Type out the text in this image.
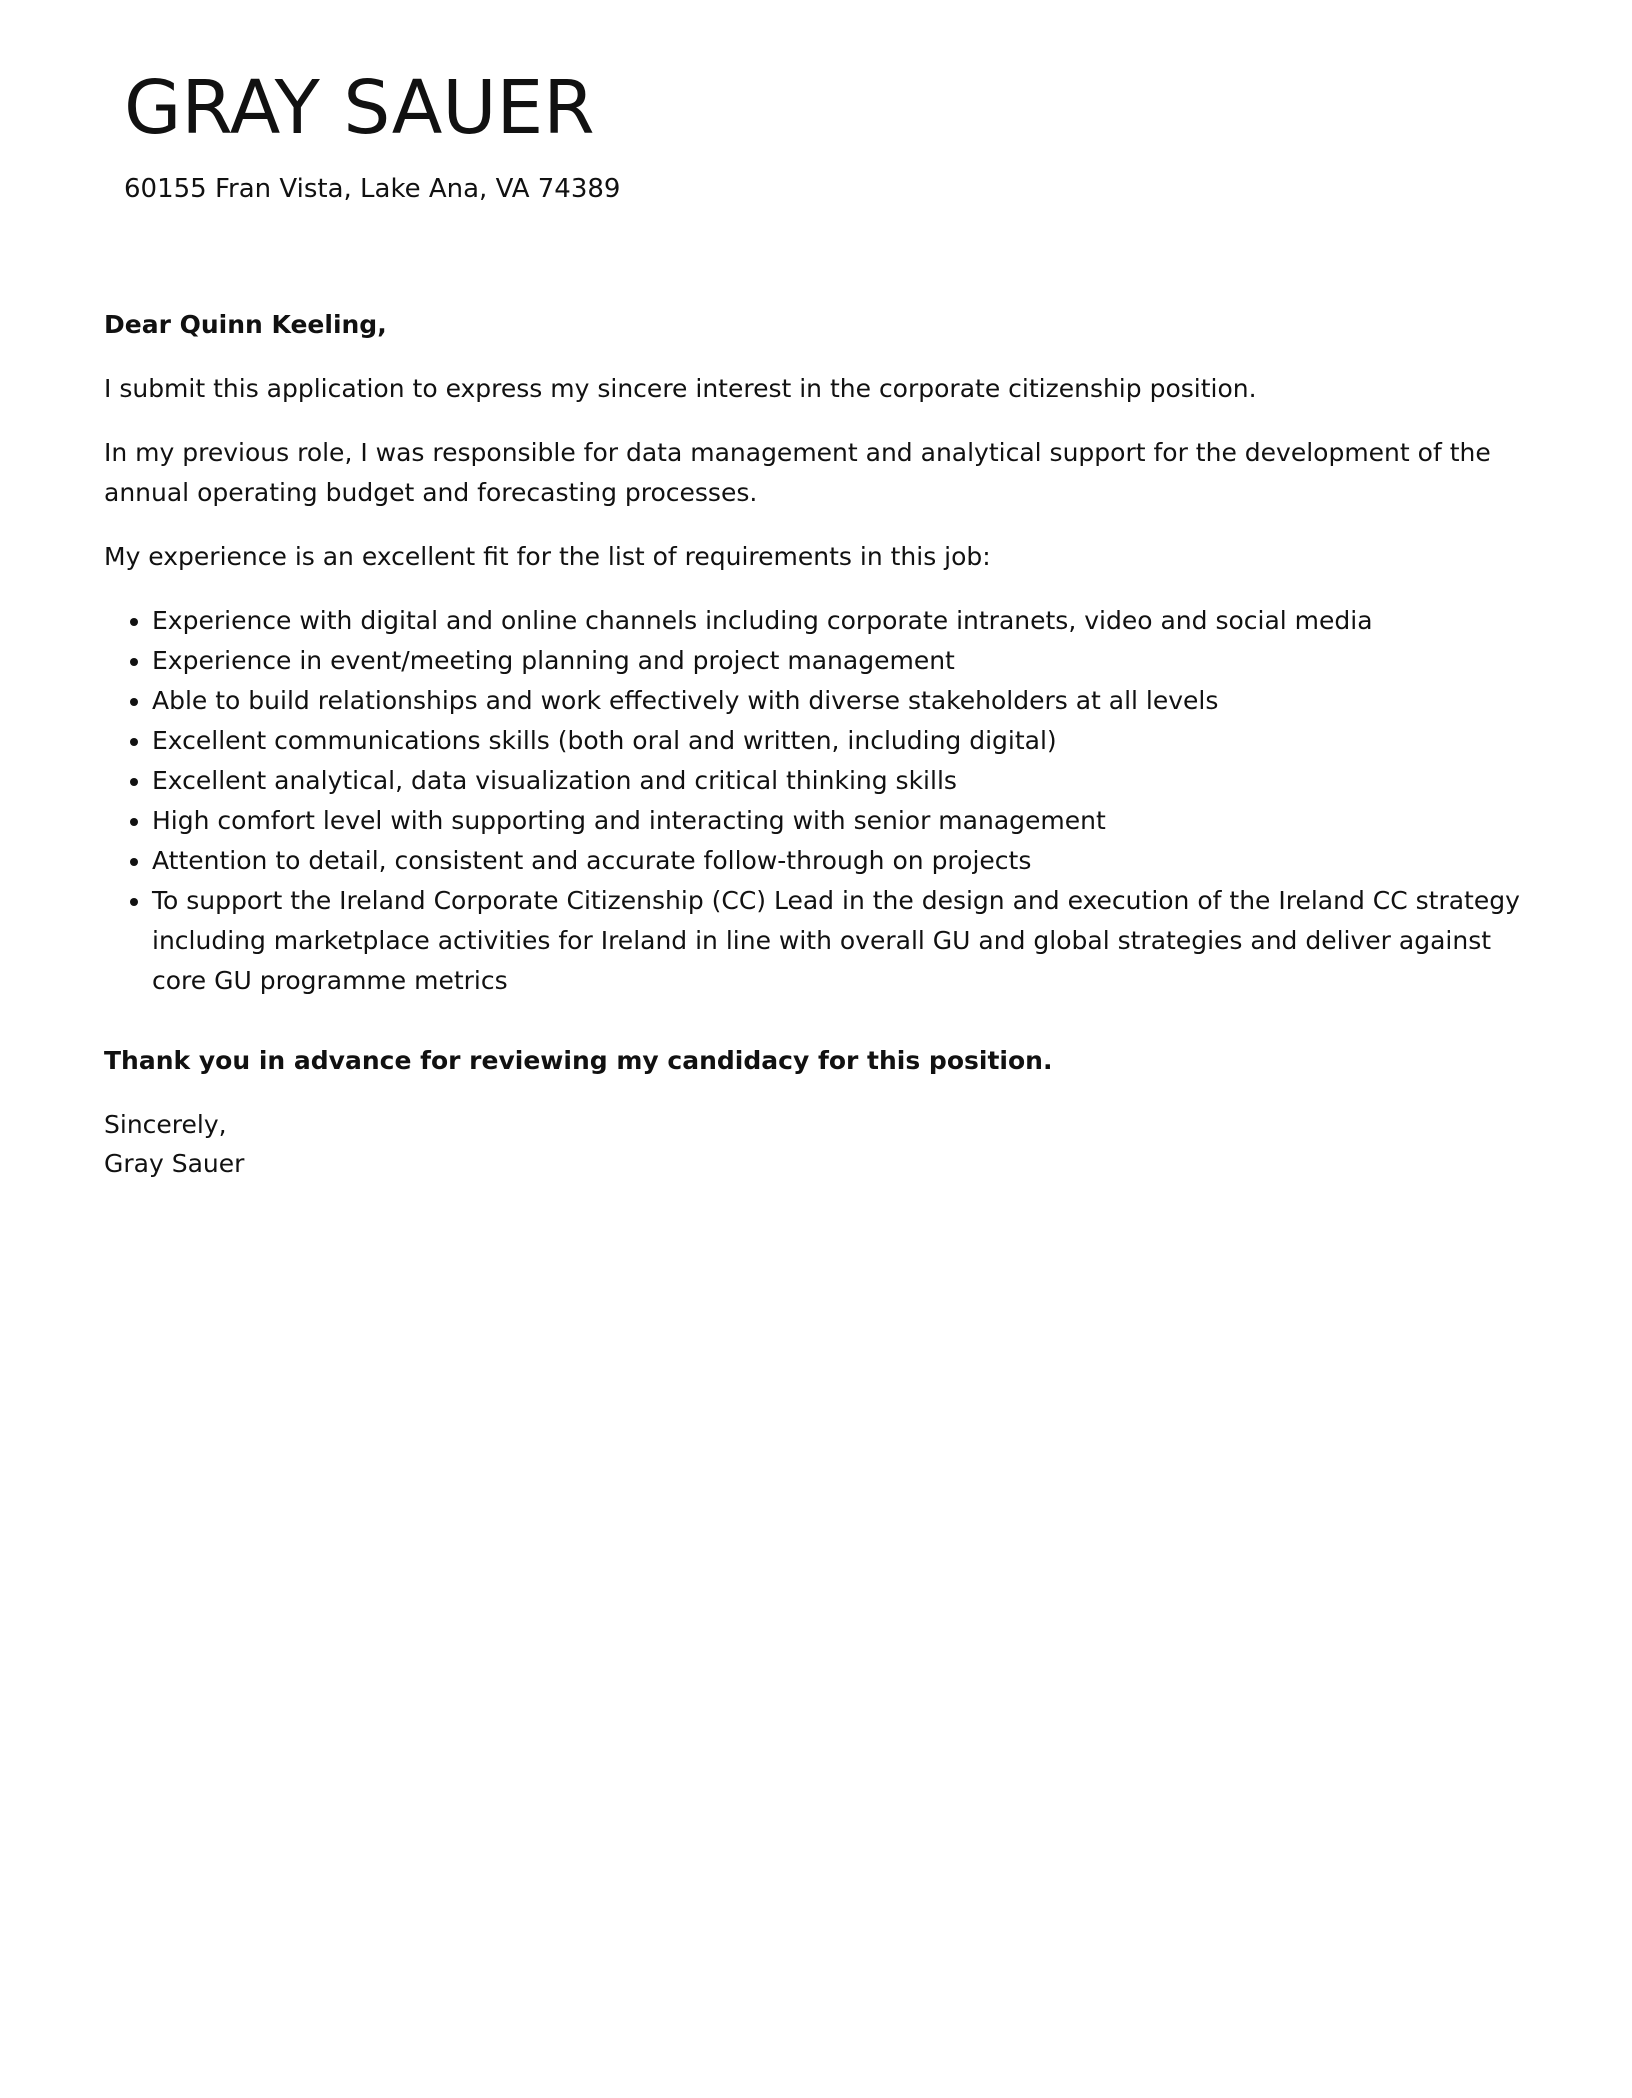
GRAY SAUER
60155 Fran Vista, Lake Ana, VA 74389

Dear Quinn Keeling,

I submit this application to express my sincere interest in the corporate citizenship position.

In my previous role, I was responsible for data management and analytical support for the development of the annual operating budget and forecasting processes.

My experience is an excellent fit for the list of requirements in this job:

• Experience with digital and online channels including corporate intranets, video and social media
• Experience in event/meeting planning and project management
• Able to build relationships and work effectively with diverse stakeholders at all levels
• Excellent communications skills (both oral and written, including digital)
• Excellent analytical, data visualization and critical thinking skills
• High comfort level with supporting and interacting with senior management
• Attention to detail, consistent and accurate follow-through on projects
• To support the Ireland Corporate Citizenship (CC) Lead in the design and execution of the Ireland CC strategy including marketplace activities for Ireland in line with overall GU and global strategies and deliver against core GU programme metrics

Thank you in advance for reviewing my candidacy for this position.

Sincerely,
Gray Sauer
